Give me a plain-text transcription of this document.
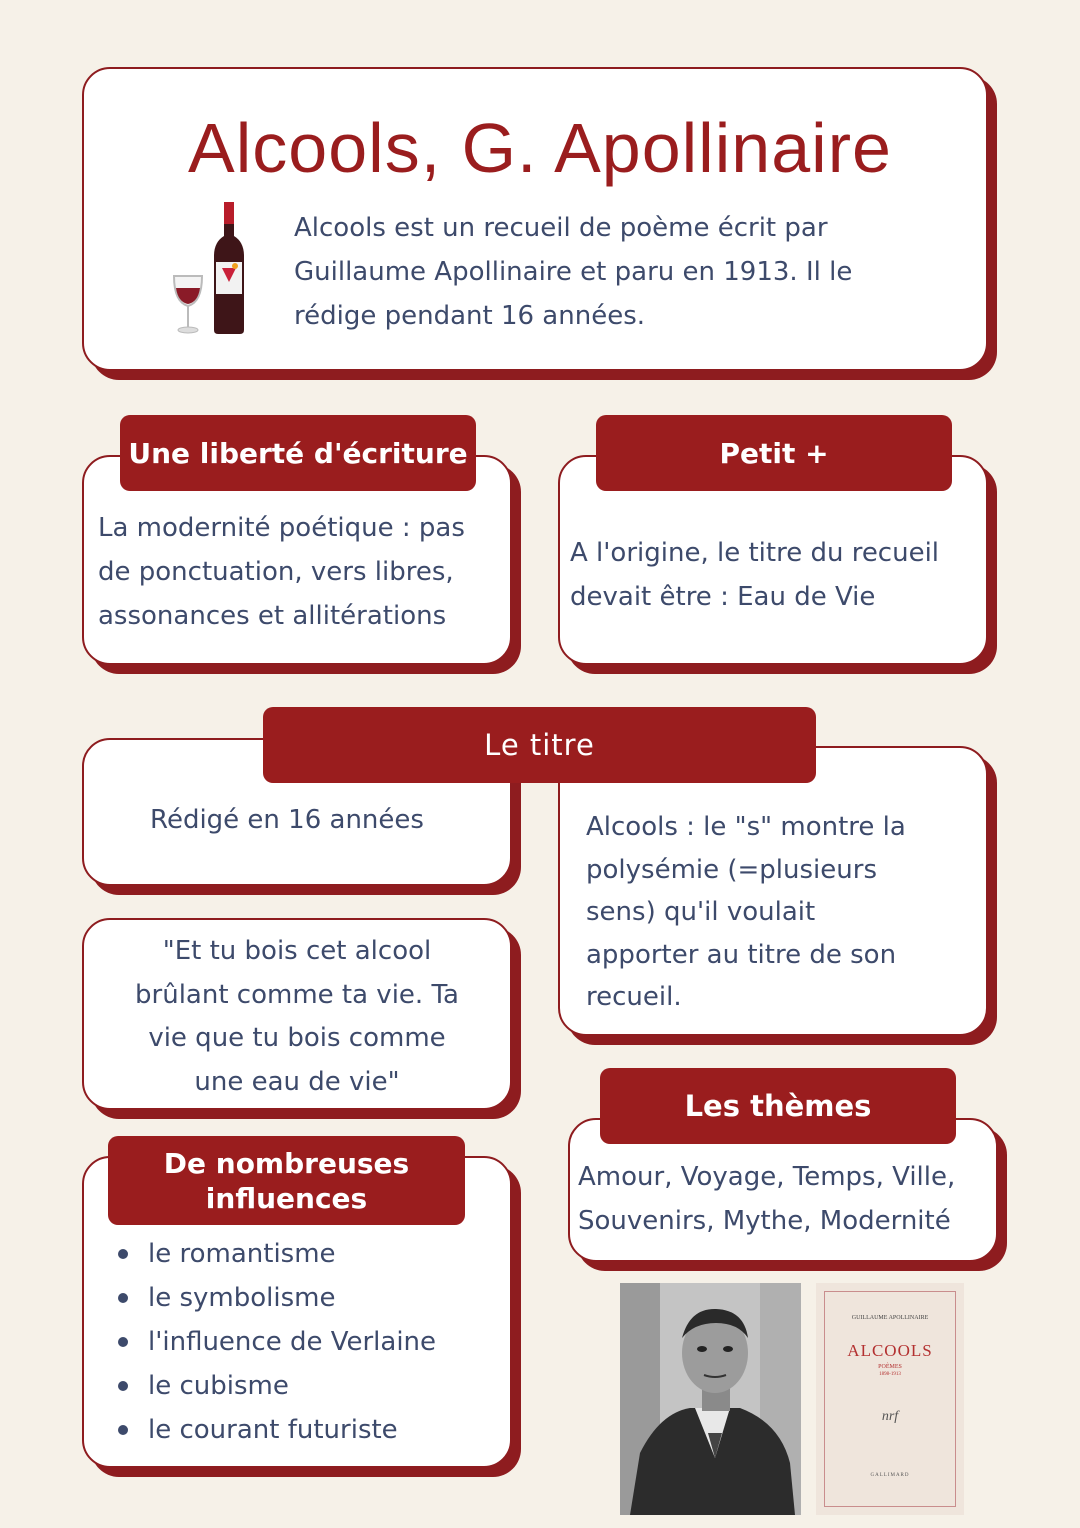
Alcools, G. Apollinaire
Alcools est un recueil de poème écrit par
Guillaume Apollinaire et paru en 1913. Il le
rédige pendant 16 années.
Une liberté d'écriture
La modernité poétique : pas
de ponctuation, vers libres,
assonances et allitérations
Petit +
A l'origine, le titre du recueil
devait être : Eau de Vie
Le titre
Rédigé en 16 années	Alcools : le "s" montre la
polysémie (=plusieurs
sens) qu'il voulait
apporter au titre de son
recueil.
"Et tu bois cet alcool
brûlant comme ta vie. Ta
vie que tu bois comme
une eau de vie"
De nombreuses
influences
le romantisme
le symbolisme
l'influence de Verlaine
le cubisme
le courant futuriste
Les thèmes
Amour, Voyage, Temps, Ville,
Souvenirs, Mythe, Modernité
GUILLAUME APOLLINAIRE
ALCOOLS
POÈMES
1898-1913
nrf
GALLIMARD
